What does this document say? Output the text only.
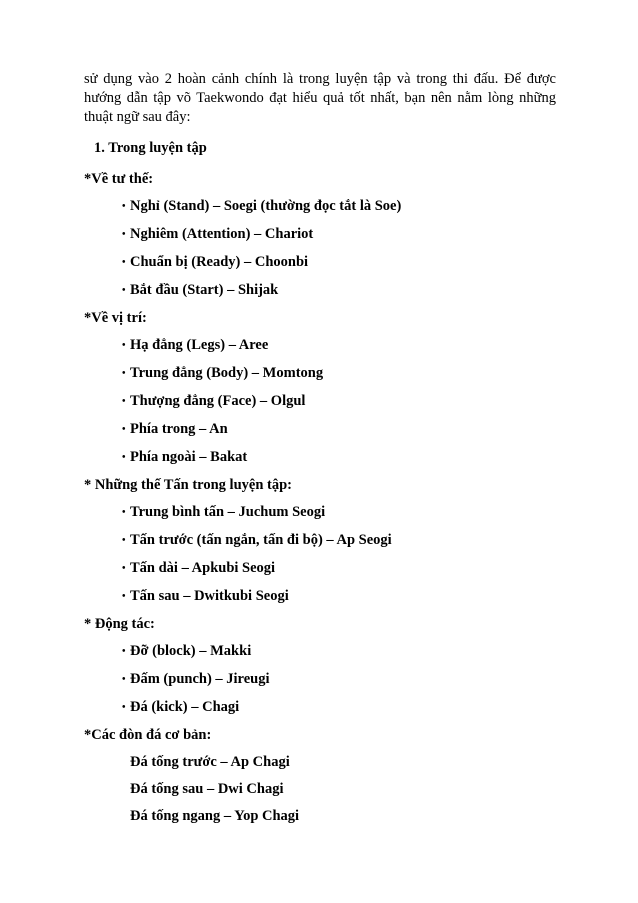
sử dụng vào 2 hoàn cảnh chính là trong luyện tập và trong thi đấu. Để được hướng dẫn tập võ Taekwondo đạt hiểu quả tốt nhất, bạn nên nằm lòng những thuật ngữ sau đây:

1. Trong luyện tập
*Về tư thế:
• Nghỉ (Stand) – Soegi (thường đọc tắt là Soe)
• Nghiêm (Attention) – Chariot
• Chuẩn bị (Ready) – Choonbi
• Bắt đầu (Start) – Shijak
*Về vị trí:
• Hạ đẳng (Legs) – Aree
• Trung đẳng (Body) – Momtong
• Thượng đẳng (Face) – Olgul
• Phía trong – An
• Phía ngoài – Bakat
* Những thế Tấn trong luyện tập:
• Trung bình tấn – Juchum Seogi
• Tấn trước (tấn ngắn, tấn đi bộ) – Ap Seogi
• Tấn dài – Apkubi Seogi
• Tấn sau – Dwitkubi Seogi
* Động tác:
• Đỡ (block) – Makki
• Đấm (punch) – Jireugi
• Đá (kick) – Chagi
*Các đòn đá cơ bản:
Đá tống trước – Ap Chagi
Đá tống sau – Dwi Chagi
Đá tống ngang – Yop Chagi
